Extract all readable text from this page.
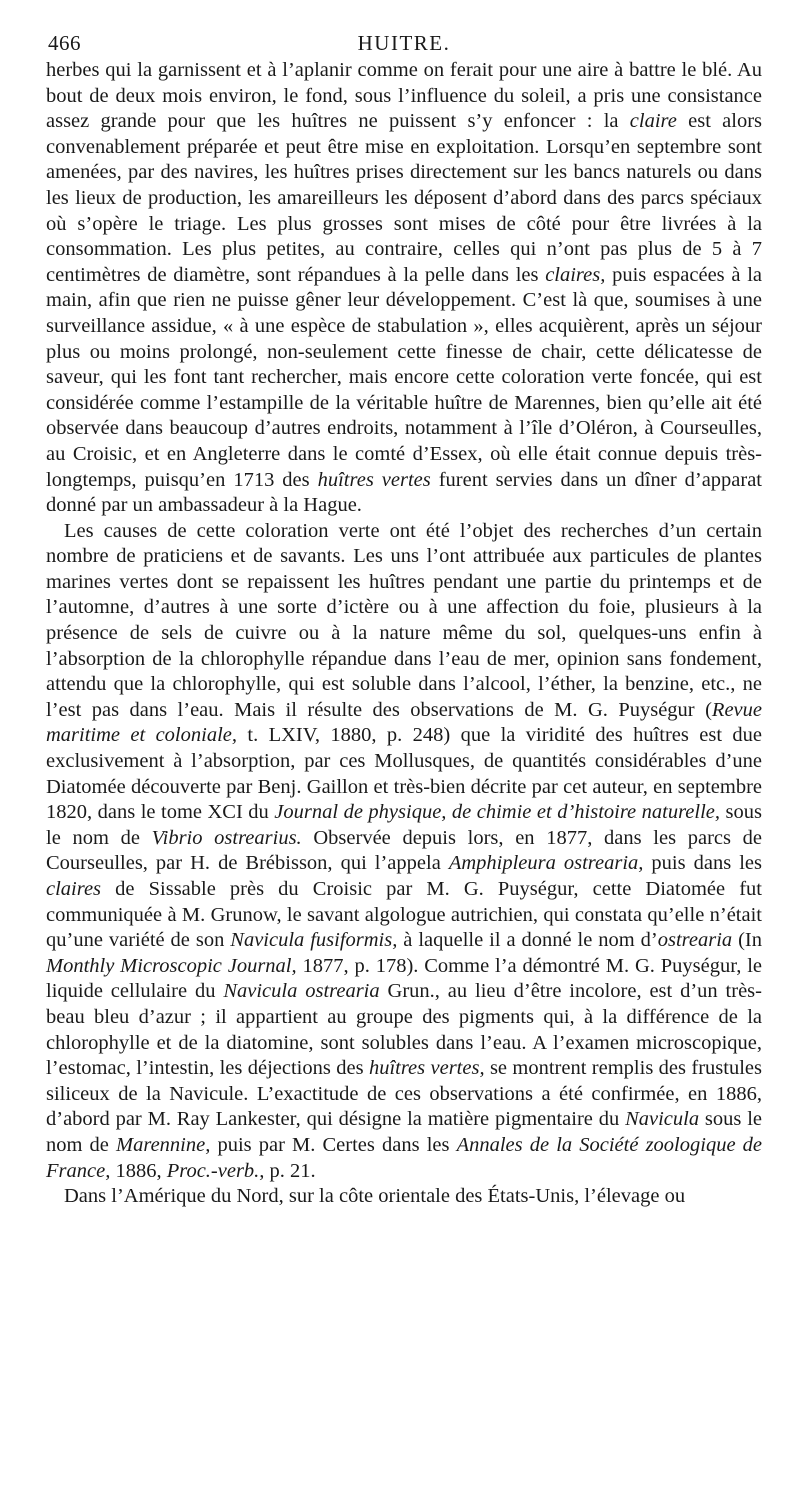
466	HUITRE.

herbes qui la garnissent et à l’aplanir comme on ferait pour une aire à battre le blé. Au bout de deux mois environ, le fond, sous l’influence du soleil, a pris une consistance assez grande pour que les huîtres ne puissent s’y enfoncer : la claire est alors convenablement préparée et peut être mise en exploitation. Lorsqu’en septembre sont amenées, par des navires, les huîtres prises directement sur les bancs naturels ou dans les lieux de production, les amareilleurs les déposent d’abord dans des parcs spéciaux où s’opère le triage. Les plus grosses sont mises de côté pour être livrées à la consommation. Les plus petites, au contraire, celles qui n’ont pas plus de 5 à 7 centimètres de diamètre, sont répandues à la pelle dans les claires, puis espacées à la main, afin que rien ne puisse gêner leur développement. C’est là que, soumises à une surveillance assidue, « à une espèce de stabulation », elles acquièrent, après un séjour plus ou moins prolongé, non-seulement cette finesse de chair, cette délicatesse de saveur, qui les font tant rechercher, mais encore cette coloration verte foncée, qui est considérée comme l’estampille de la véritable huître de Marennes, bien qu’elle ait été observée dans beaucoup d’autres endroits, notamment à l’île d’Oléron, à Courseulles, au Croisic, et en Angleterre dans le comté d’Essex, où elle était connue depuis très-longtemps, puisqu’en 1713 des huîtres vertes furent servies dans un dîner d’apparat donné par un ambassadeur à la Hague.

Les causes de cette coloration verte ont été l’objet des recherches d’un certain nombre de praticiens et de savants. Les uns l’ont attribuée aux particules de plantes marines vertes dont se repaissent les huîtres pendant une partie du printemps et de l’automne, d’autres à une sorte d’ictère ou à une affection du foie, plusieurs à la présence de sels de cuivre ou à la nature même du sol, quelques-uns enfin à l’absorption de la chlorophylle répandue dans l’eau de mer, opinion sans fondement, attendu que la chlorophylle, qui est soluble dans l’alcool, l’éther, la benzine, etc., ne l’est pas dans l’eau. Mais il résulte des observations de M. G. Puységur (Revue maritime et coloniale, t. LXIV, 1880, p. 248) que la viridité des huîtres est due exclusivement à l’absorption, par ces Mollusques, de quantités considérables d’une Diatomée découverte par Benj. Gaillon et très-bien décrite par cet auteur, en septembre 1820, dans le tome XCI du Journal de physique, de chimie et d’histoire naturelle, sous le nom de Vibrio ostrearius. Observée depuis lors, en 1877, dans les parcs de Courseulles, par H. de Brébisson, qui l’appela Amphipleura ostrearia, puis dans les claires de Sissable près du Croisic par M. G. Puységur, cette Diatomée fut communiquée à M. Grunow, le savant algologue autrichien, qui constata qu’elle n’était qu’une variété de son Navicula fusiformis, à laquelle il a donné le nom d’ostrearia (In Monthly Microscopic Journal, 1877, p. 178). Comme l’a démontré M. G. Puységur, le liquide cellulaire du Navicula ostrearia Grun., au lieu d’être incolore, est d’un très-beau bleu d’azur ; il appartient au groupe des pigments qui, à la différence de la chlorophylle et de la diatomine, sont solubles dans l’eau. A l’examen microscopique, l’estomac, l’intestin, les déjections des huîtres vertes, se montrent remplis des frustules siliceux de la Navicule. L’exactitude de ces observations a été confirmée, en 1886, d’abord par M. Ray Lankester, qui désigne la matière pigmentaire du Navicula sous le nom de Marennine, puis par M. Certes dans les Annales de la Société zoologique de France, 1886, Proc.-verb., p. 21.

Dans l’Amérique du Nord, sur la côte orientale des États-Unis, l’élevage ou
